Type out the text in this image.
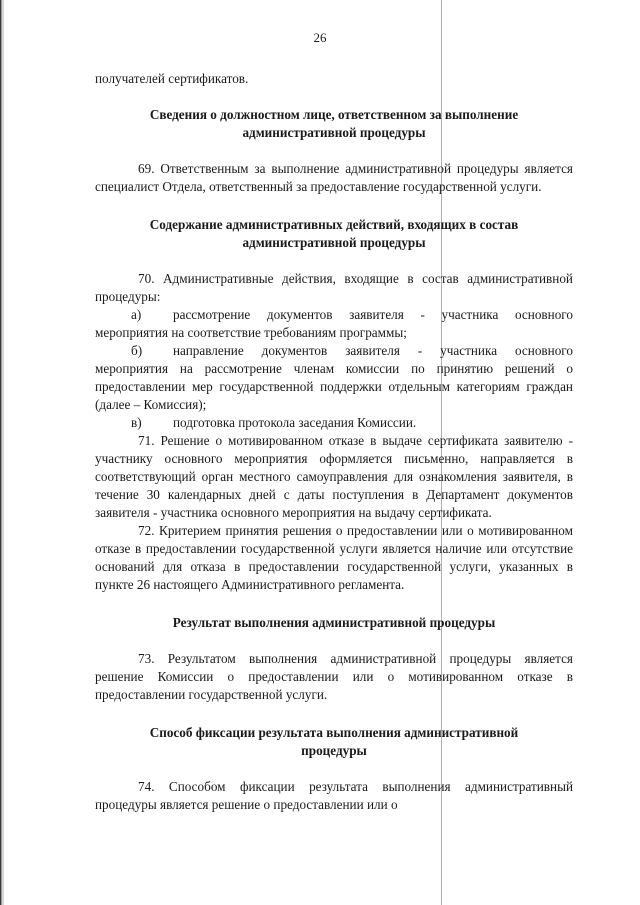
26

получателей сертификатов.

Сведения о должностном лице, ответственном за выполнение административной процедуры

69. Ответственным за выполнение административной процедуры является специалист Отдела, ответственный за предоставление государственной услуги.

Содержание административных действий, входящих в состав административной процедуры

70. Административные действия, входящие в состав административной процедуры:

а) рассмотрение документов заявителя - участника основного мероприятия на соответствие требованиям программы;

б) направление документов заявителя - участника основного мероприятия на рассмотрение членам комиссии по принятию решений о предоставлении мер государственной поддержки отдельным категориям граждан (далее – Комиссия);

в) подготовка протокола заседания Комиссии.

71. Решение о мотивированном отказе в выдаче сертификата заявителю - участнику основного мероприятия оформляется письменно, направляется в соответствующий орган местного самоуправления для ознакомления заявителя, в течение 30 календарных дней с даты поступления в Департамент документов заявителя - участника основного мероприятия на выдачу сертификата.

72. Критерием принятия решения о предоставлении или о мотивированном отказе в предоставлении государственной услуги является наличие или отсутствие оснований для отказа в предоставлении государственной услуги, указанных в пункте 26 настоящего Административного регламента.

Результат выполнения административной процедуры

73. Результатом выполнения административной процедуры является решение Комиссии о предоставлении или о мотивированном отказе в предоставлении государственной услуги.

Способ фиксации результата выполнения административной процедуры

74. Способом фиксации результата выполнения административный процедуры является решение о предоставлении или о
